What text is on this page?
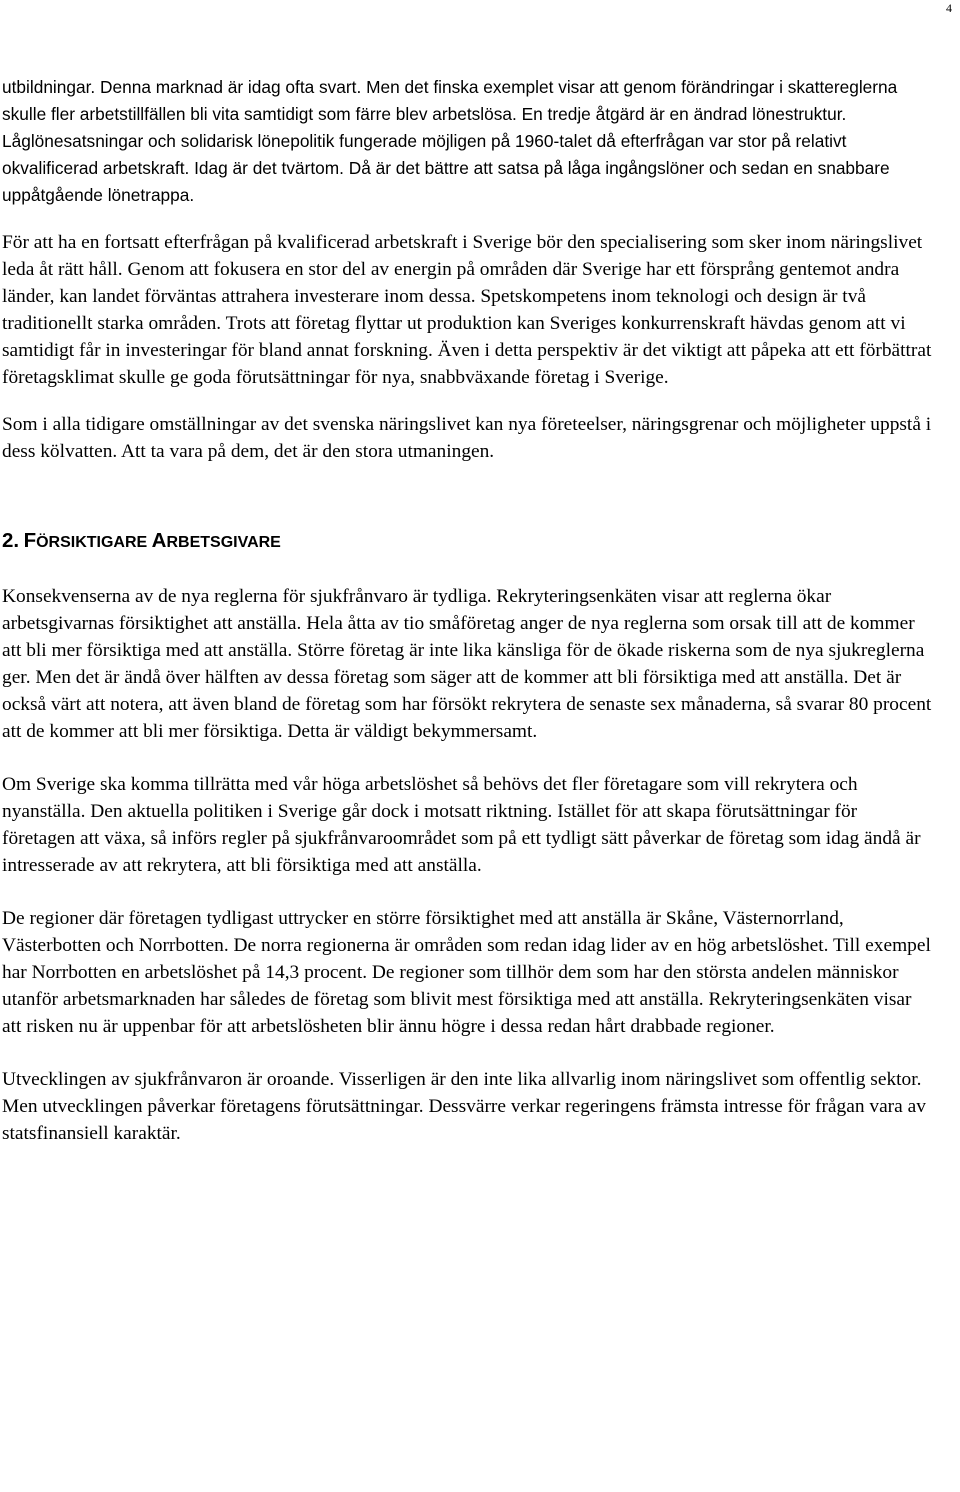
4

utbildningar. Denna marknad är idag ofta svart. Men det finska exemplet visar att genom förändringar i skattereglerna skulle fler arbetstillfällen bli vita samtidigt som färre blev arbetslösa. En tredje åtgärd är en ändrad lönestruktur. Låglönesatsningar och solidarisk lönepolitik fungerade möjligen på 1960-talet då efterfrågan var stor på relativt okvalificerad arbetskraft. Idag är det tvärtom. Då är det bättre att satsa på låga ingångslöner och sedan en snabbare uppåtgående lönetrappa.

För att ha en fortsatt efterfrågan på kvalificerad arbetskraft i Sverige bör den specialisering som sker inom näringslivet leda åt rätt håll. Genom att fokusera en stor del av energin på områden där Sverige har ett försprång gentemot andra länder, kan landet förväntas attrahera investerare inom dessa. Spetskompetens inom teknologi och design är två traditionellt starka områden. Trots att företag flyttar ut produktion kan Sveriges konkurrenskraft hävdas genom att vi samtidigt får in investeringar för bland annat forskning. Även i detta perspektiv är det viktigt att påpeka att ett förbättrat företagsklimat skulle ge goda förutsättningar för nya, snabbväxande företag i Sverige.

Som i alla tidigare omställningar av det svenska näringslivet kan nya företeelser, näringsgrenar och möjligheter uppstå i dess kölvatten. Att ta vara på dem, det är den stora utmaningen.

2. FÖRSIKTIGARE ARBETSGIVARE

Konsekvenserna av de nya reglerna för sjukfrånvaro är tydliga. Rekryteringsenkäten visar att reglerna ökar arbetsgivarnas försiktighet att anställa. Hela åtta av tio småföretag anger de nya reglerna som orsak till att de kommer att bli mer försiktiga med att anställa. Större företag är inte lika känsliga för de ökade riskerna som de nya sjukreglerna ger. Men det är ändå över hälften av dessa företag som säger att de kommer att bli försiktiga med att anställa. Det är också värt att notera, att även bland de företag som har försökt rekrytera de senaste sex månaderna, så svarar 80 procent att de kommer att bli mer försiktiga. Detta är väldigt bekymmersamt.

Om Sverige ska komma tillrätta med vår höga arbetslöshet så behövs det fler företagare som vill rekrytera och nyanställa. Den aktuella politiken i Sverige går dock i motsatt riktning. Istället för att skapa förutsättningar för företagen att växa, så införs regler på sjukfrånvaroområdet som på ett tydligt sätt påverkar de företag som idag ändå är intresserade av att rekrytera, att bli försiktiga med att anställa.

De regioner där företagen tydligast uttrycker en större försiktighet med att anställa är Skåne, Västernorrland, Västerbotten och Norrbotten. De norra regionerna är områden som redan idag lider av en hög arbetslöshet. Till exempel har Norrbotten en arbetslöshet på 14,3 procent. De regioner som tillhör dem som har den största andelen människor utanför arbetsmarknaden har således de företag som blivit mest försiktiga med att anställa. Rekryteringsenkäten visar att risken nu är uppenbar för att arbetslösheten blir ännu högre i dessa redan hårt drabbade regioner.

Utvecklingen av sjukfrånvaron är oroande. Visserligen är den inte lika allvarlig inom näringslivet som offentlig sektor. Men utvecklingen påverkar företagens förutsättningar. Dessvärre verkar regeringens främsta intresse för frågan vara av statsfinansiell karaktär.
